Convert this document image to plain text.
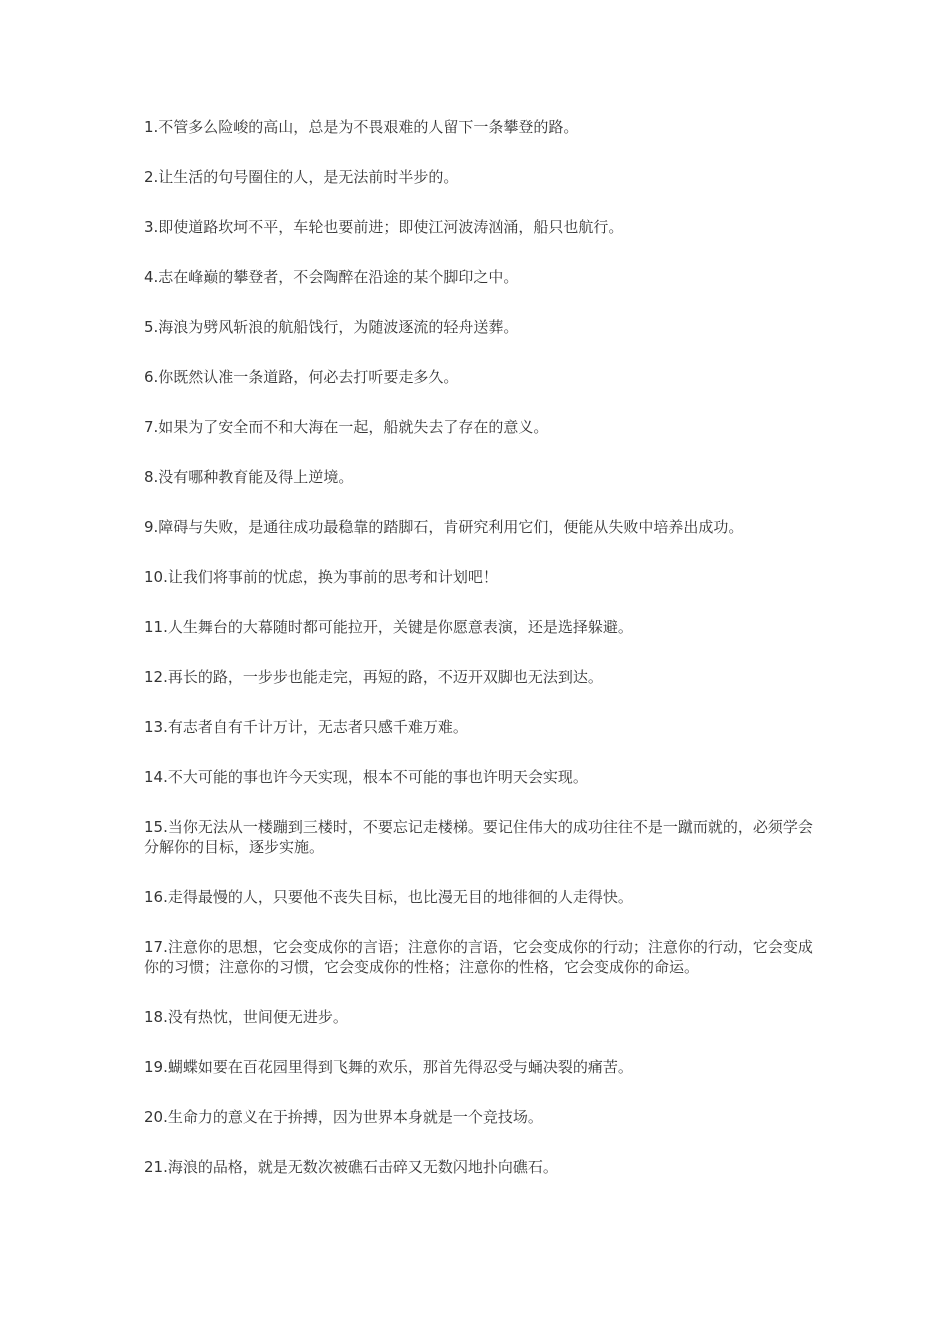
1.不管多么险峻的高山，总是为不畏艰难的人留下一条攀登的路。

2.让生活的句号圈住的人，是无法前时半步的。

3.即使道路坎坷不平，车轮也要前进；即使江河波涛汹涌，船只也航行。

4.志在峰巅的攀登者，不会陶醉在沿途的某个脚印之中。

5.海浪为劈风斩浪的航船饯行，为随波逐流的轻舟送葬。

6.你既然认准一条道路，何必去打听要走多久。

7.如果为了安全而不和大海在一起，船就失去了存在的意义。

8.没有哪种教育能及得上逆境。

9.障碍与失败，是通往成功最稳靠的踏脚石，肯研究利用它们，便能从失败中培养出成功。

10.让我们将事前的忧虑，换为事前的思考和计划吧！

11.人生舞台的大幕随时都可能拉开，关键是你愿意表演，还是选择躲避。

12.再长的路，一步步也能走完，再短的路，不迈开双脚也无法到达。

13.有志者自有千计万计，无志者只感千难万难。

14.不大可能的事也许今天实现，根本不可能的事也许明天会实现。

15.当你无法从一楼蹦到三楼时，不要忘记走楼梯。要记住伟大的成功往往不是一蹴而就的，必须学会分解你的目标，逐步实施。

16.走得最慢的人，只要他不丧失目标，也比漫无目的地徘徊的人走得快。

17.注意你的思想，它会变成你的言语；注意你的言语，它会变成你的行动；注意你的行动，它会变成你的习惯；注意你的习惯，它会变成你的性格；注意你的性格，它会变成你的命运。

18.没有热忱，世间便无进步。

19.蝴蝶如要在百花园里得到飞舞的欢乐，那首先得忍受与蛹决裂的痛苦。

20.生命力的意义在于拚搏，因为世界本身就是一个竞技场。

21.海浪的品格，就是无数次被礁石击碎又无数闪地扑向礁石。
